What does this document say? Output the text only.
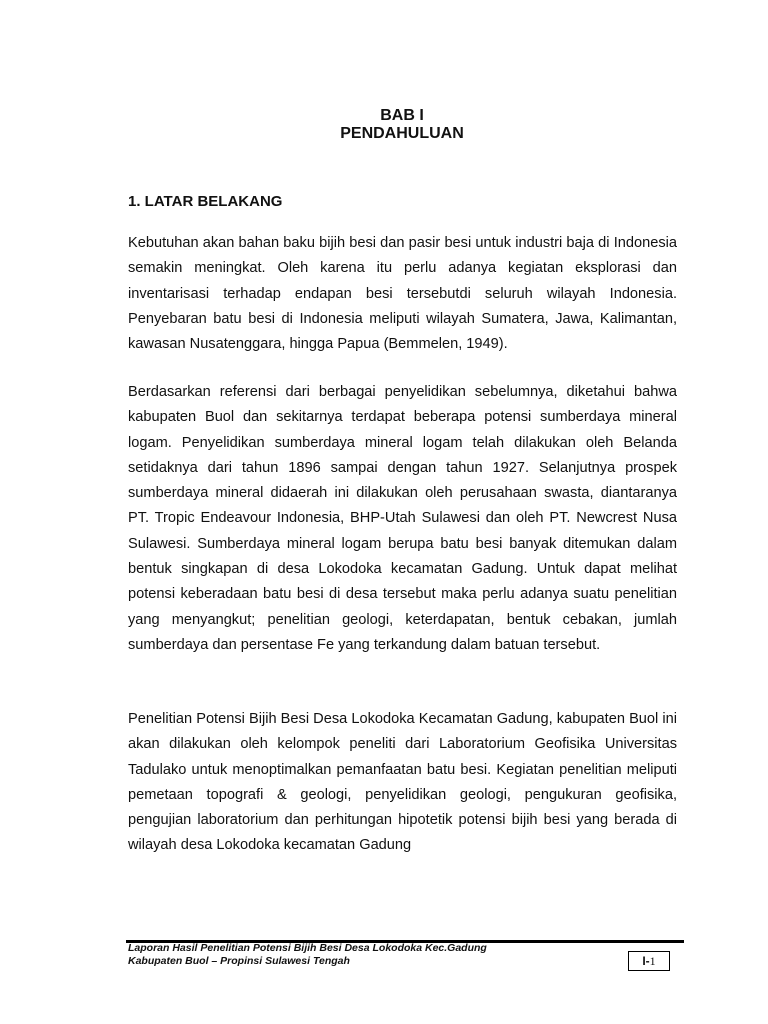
BAB I
PENDAHULUAN
1. LATAR BELAKANG

Kebutuhan akan bahan baku bijih besi dan pasir besi untuk industri baja di Indonesia semakin meningkat. Oleh karena itu perlu adanya kegiatan eksplorasi dan inventarisasi terhadap endapan besi tersebutdi seluruh wilayah Indonesia. Penyebaran batu besi di Indonesia meliputi wilayah Sumatera, Jawa, Kalimantan, kawasan Nusatenggara, hingga Papua (Bemmelen, 1949).

Berdasarkan referensi dari berbagai penyelidikan sebelumnya, diketahui bahwa kabupaten Buol dan sekitarnya terdapat beberapa potensi sumberdaya mineral logam. Penyelidikan sumberdaya mineral logam telah dilakukan oleh Belanda setidaknya dari tahun 1896 sampai dengan tahun 1927. Selanjutnya prospek sumberdaya mineral didaerah ini dilakukan oleh perusahaan swasta, diantaranya PT. Tropic Endeavour Indonesia, BHP-Utah Sulawesi dan oleh PT. Newcrest Nusa Sulawesi. Sumberdaya mineral logam berupa batu besi banyak ditemukan dalam bentuk singkapan di desa Lokodoka kecamatan Gadung. Untuk dapat melihat potensi keberadaan batu besi di desa tersebut maka perlu adanya suatu penelitian yang menyangkut; penelitian geologi, keterdapatan, bentuk cebakan, jumlah sumberdaya dan persentase Fe yang terkandung dalam batuan tersebut.

Penelitian Potensi Bijih Besi Desa Lokodoka Kecamatan Gadung, kabupaten Buol ini akan dilakukan oleh kelompok peneliti dari Laboratorium Geofisika Universitas Tadulako untuk menoptimalkan pemanfaatan batu besi. Kegiatan penelitian meliputi pemetaan topografi & geologi, penyelidikan geologi, pengukuran geofisika, pengujian laboratorium dan perhitungan hipotetik potensi bijih besi yang berada di wilayah desa Lokodoka kecamatan Gadung

Laporan Hasil Penelitian Potensi Bijih Besi Desa Lokodoka Kec.Gadung
Kabupaten Buol – Propinsi Sulawesi Tengah	I- 1
